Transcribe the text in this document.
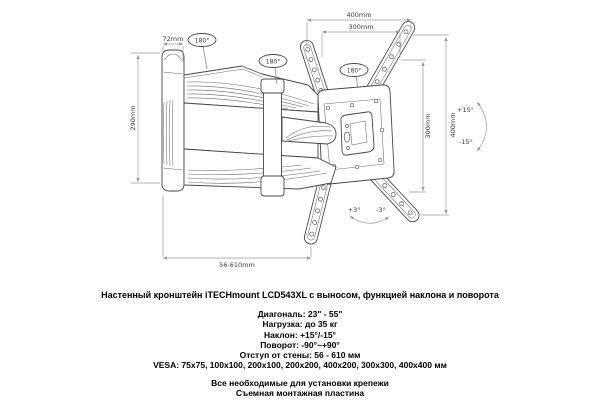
72mm
290mm
400mm
300mm
300mm	400mm
56-610mm
180°
180°
180°
+15°
-15°
+3° -3°
Настенный кронштейн iTECHmount LCD543XL с выносом, функцией наклона и поворота
Диагональ: 23" - 55"
Нагрузка: до 35 кг
Наклон: +15°/-15°
Поворот: -90°~+90°
Отступ от стены: 56 - 610 мм
VESA: 75x75, 100x100, 200x100, 200x200, 400x200, 300x300, 400x400 мм
Все необходимые для установки крепежи
Съемная монтажная пластина
